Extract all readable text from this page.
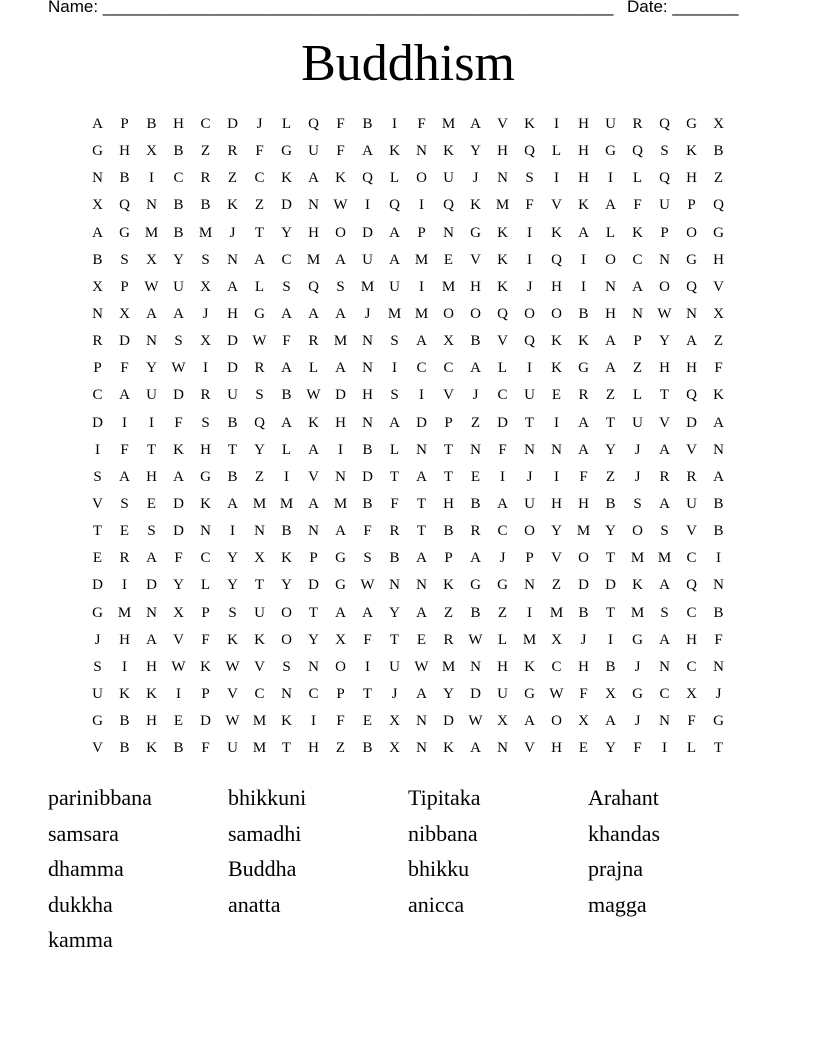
Name: ______________________________________________________ Date: _______
Buddhism
A	P	B	H	C	D	J	L	Q	F	B	I	F	M A	V	K	I	H	U	R	Q	G	X
G	H	X	B	Z	R	F	G	U	F	A	K	N	K	Y	H	Q	L	H	G	Q	S	K	B
N	B	I	C	R	Z	C	K	A	K	Q	L	O	U	J	N	S	I	H	I	L	Q	H	Z
X	Q	N	B	B	K	Z	D	N W	I	Q	I	Q	K M	F	V	K	A	F	U	P	Q
A	G M	B	M	J	T	Y	H	O	D	A	P	N	G	K	I	K	A	L	K	P	O	G
B	S	X	Y	S	N	A	C	M A	U	A M	E	V	K	I	Q	I	O	C	N	G	H
X	P	W U	X	A	L	S	Q	S	M U	I	M H	K	J	H	I	N	A	O	Q	V
N	X	A	A	J	H	G	A	A	A	J	M M O	O	Q	O	O	B	H	N W N	X
R	D	N	S	X	D W	F	R	M N	S	A	X	B	V	Q	K	K	A	P	Y	A	Z
P	F	Y W	I	D	R	A	L	A	N	I	C	C	A	L	I	K	G	A	Z	H	H	F
C	A	U	D	R	U	S	B W D	H	S	I	V	J	C	U	E	R	Z	L	T	Q	K
D	I	I	F	S	B	Q	A	K	H	N	A	D	P	Z	D	T	I	A	T	U	V	D	A
I	F	T	K	H	T	Y	L	A	I	B	L	N	T	N	F	N	N	A	Y	J	A	V	N
S	A	H	A	G	B	Z	I	V	N	D	T	A	T	E	I	J	I	F	Z	J	R	R	A
V	S	E	D	K	A M M A M	B	F	T	H	B	A	U	H	H	B	S	A	U	B
T	E	S	D	N	I	N	B	N	A	F	R	T	B	R	C	O	Y M Y	O	S	V	B
E	R	A	F	C	Y	X	K	P	G	S	B	A	P	A	J	P	V	O	T	M M	C	I
D	I	D	Y	L	Y	T	Y	D	G W N	N	K	G	G	N	Z	D	D	K	A	Q	N
G M N	X	P	S	U	O	T	A	A	Y	A	Z	B	Z	I	M	B	T	M	S	C	B
J	H	A	V	F	K	K	O	Y	X	F	T	E	R W	L	M X	J	I	G	A	H	F
S	I	H W K W V	S	N	O	I	U W M N	H	K	C	H	B	J	N	C	N
U	K	K	I	P	V	C	N	C	P	T	J	A	Y	D	U	G W	F	X	G	C	X	J
G	B	H	E	D W M K	I	F	E	X	N	D W X	A	O	X	A	J	N	F	G
V	B	K	B	F	U M	T	H	Z	B	X	N	K	A	N	V	H	E	Y	F	I	L	T
parinibbana	bhikkuni	Tipitaka	Arahant
samsara	samadhi	nibbana	khandas
dhamma	Buddha	bhikku	prajna
dukkha	anatta	anicca	magga
kamma
